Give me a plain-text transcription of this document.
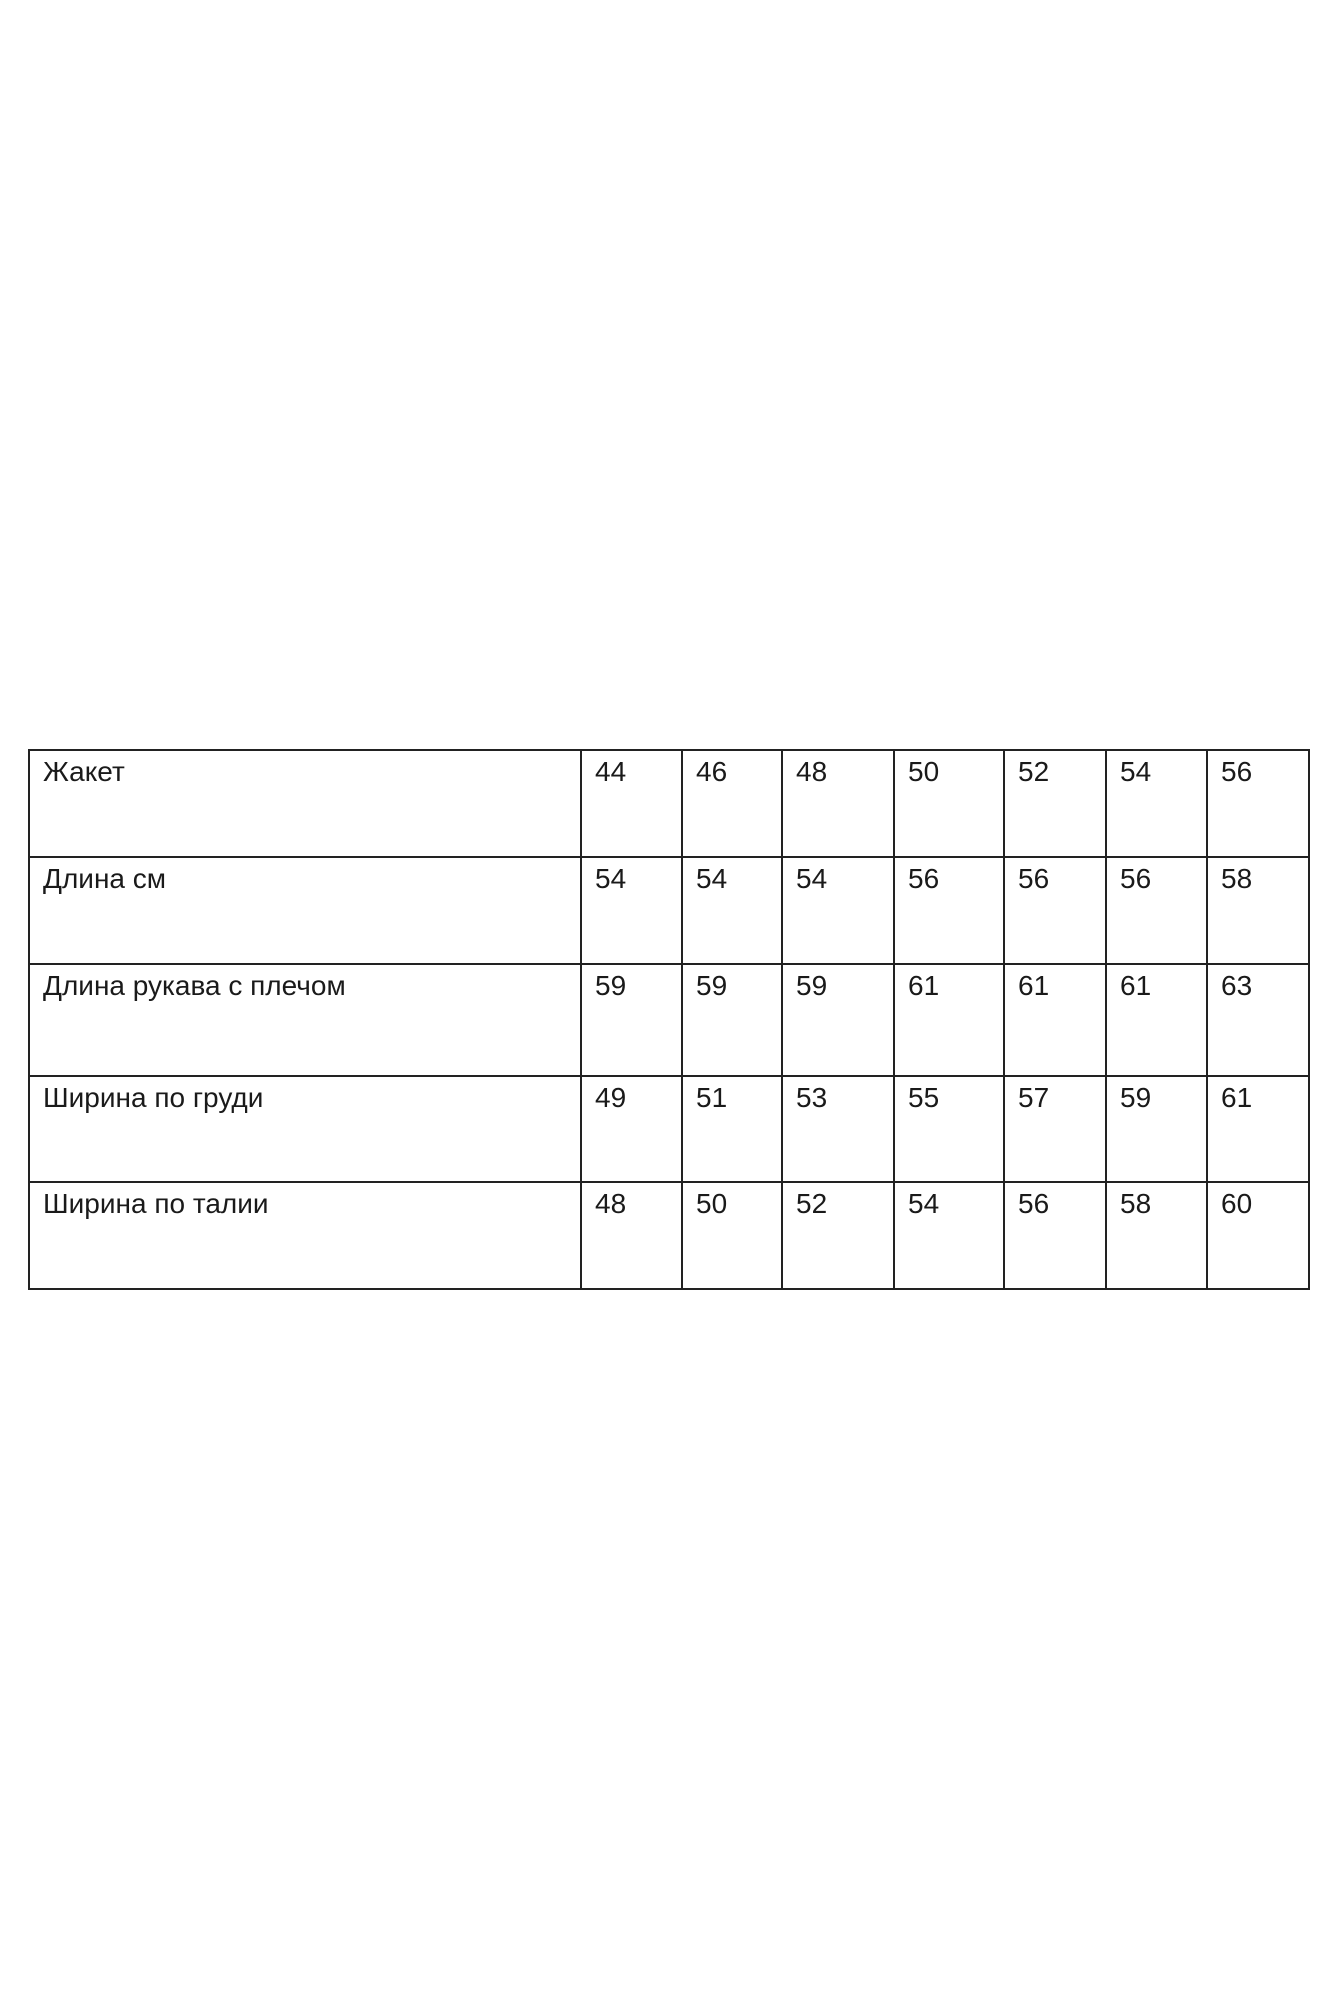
Жакет	44	46	48	50	52	54	56
Длина см	54	54	54	56	56	56	58
Длина рукава с плечом	59	59	59	61	61	61	63
Ширина по груди	49	51	53	55	57	59	61
Ширина по талии	48	50	52	54	56	58	60
